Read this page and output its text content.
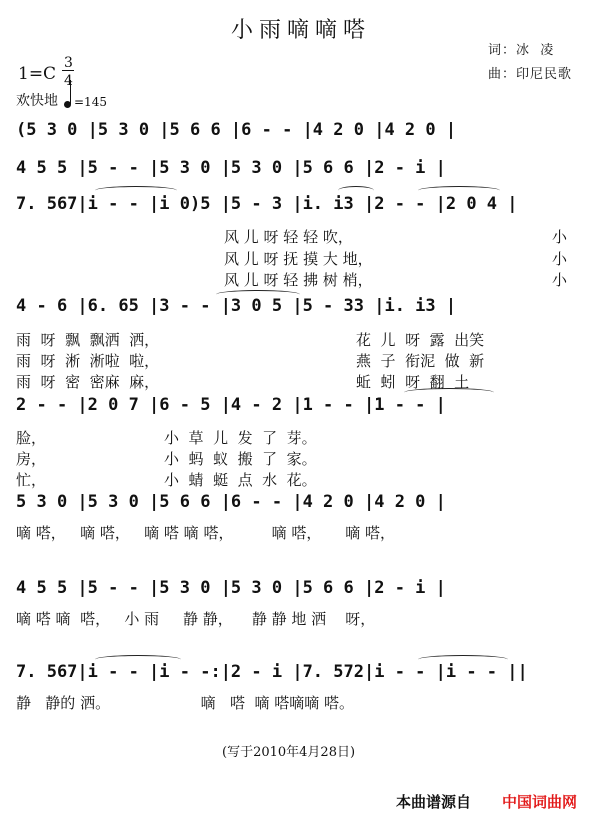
小雨嘀嘀嗒
词：冰  凌
曲：印尼民歌
1=C
3
4
欢快地 =145
(5 3 0 |5 3 0 |5 6 6 |6 - - |4 2 0 |4 2 0 |
4 5 5 |5 - - |5 3 0 |5 3 0 |5 6 6 |2 - i |
7. 567|i - - |i 0)5 |5 - 3 |i. i3 |2 - - |2 0 4 |
风 儿 呀 轻 轻 吹，
风 儿 呀 抚 摸 大 地，
风 儿 呀 轻 拂 树 梢，
小
小
小
4 - 6 |6. 65 |3 - - |3 0 5 |5 - 33 |i. i3 |
雨  呀  飘  飘洒  洒，
雨  呀  淅  淅啦  啦，
雨  呀  密  密麻  麻，
花  儿  呀  露  出笑
燕  子  衔泥  做  新
蚯  蚓  呀  翻  土
2 - - |2 0 7 |6 - 5 |4 - 2 |1 - - |1 - - |
脸，
房，
忙，
小  草  儿  发  了  芽。
小  蚂  蚁  搬  了  家。
小  蜻  蜓  点  水  花。
5 3 0 |5 3 0 |5 6 6 |6 - - |4 2 0 |4 2 0 |
嘀 嗒，   嘀 嗒，   嘀 嗒 嘀 嗒，        嘀 嗒，     嘀 嗒，
4 5 5 |5 - - |5 3 0 |5 3 0 |5 6 6 |2 - i |
嘀 嗒 嘀  嗒，   小 雨     静 静，    静 静 地 洒    呀，
7. 567|i - - |i - -:|2 - i |7. 572|i - - |i - - ||
静   静的 洒。                   嘀   嗒  嘀 嗒嘀嘀 嗒。
(写于2010年4月28日)
本曲谱源自 中国词曲网
